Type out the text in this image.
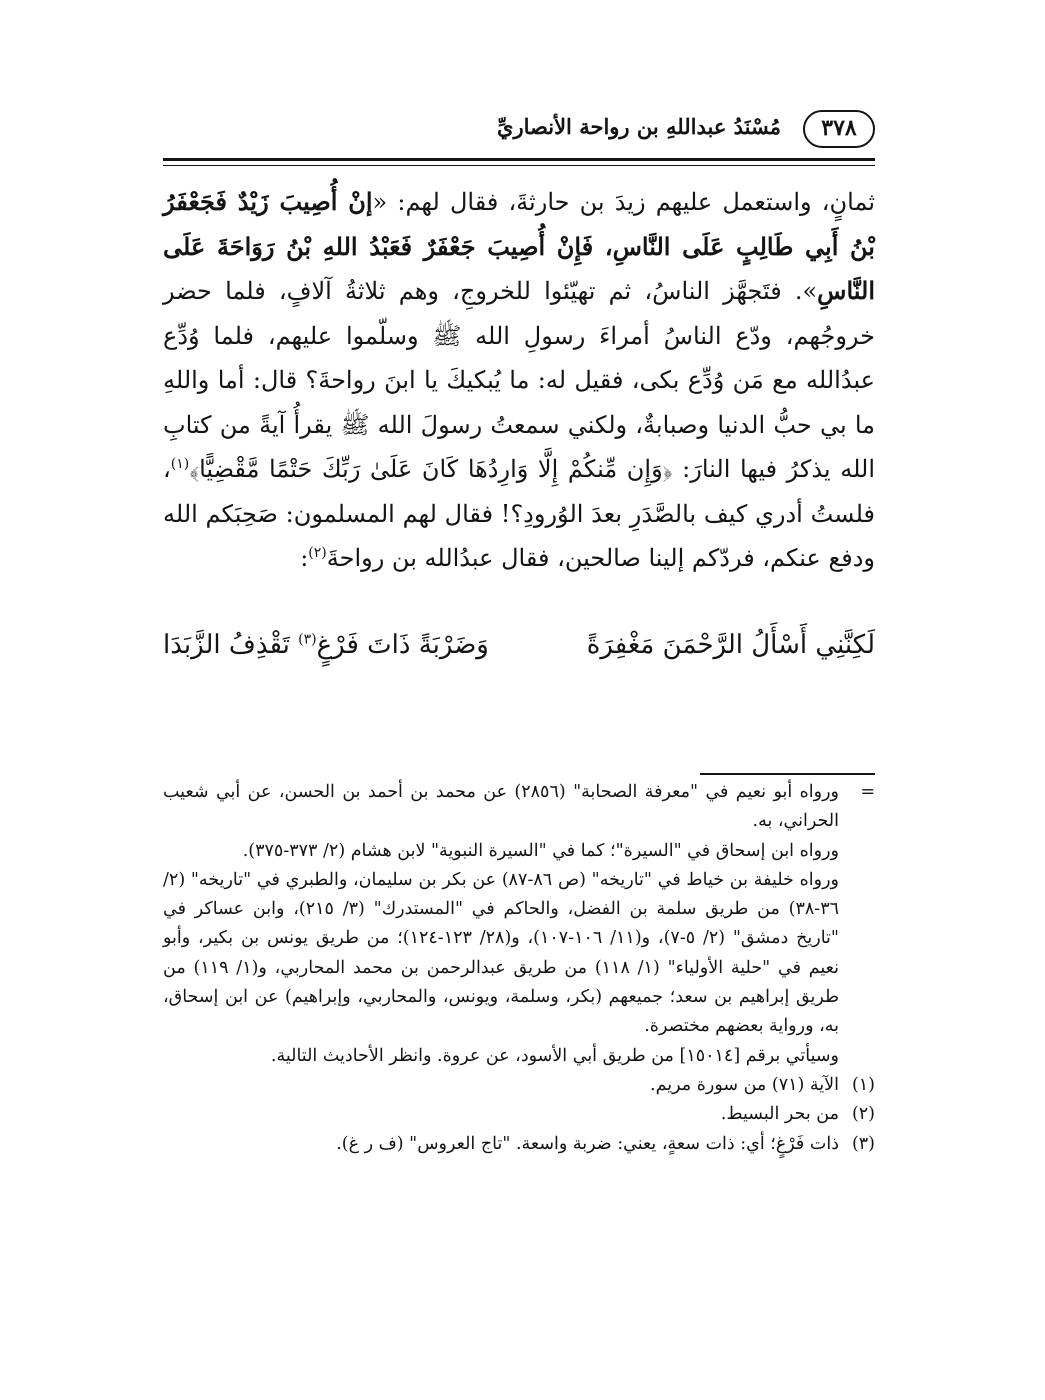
٣٧٨
مُسْنَدُ عبداللهِ بن رواحة الأنصاريِّ

ثمانٍ، واستعمل عليهم زيدَ بن حارثةَ، فقال لهم: «إنْ أُصِيبَ زَيْدٌ فَجَعْفَرُ بْنُ أَبِي طَالِبٍ عَلَى النَّاسِ، فَإِنْ أُصِيبَ جَعْفَرٌ فَعَبْدُ اللهِ بْنُ رَوَاحَةَ عَلَى النَّاسِ». فتَجهَّز الناسُ، ثم تهيّئوا للخروجِ، وهم ثلاثةُ آلافٍ، فلما حضر خروجُهم، ودّع الناسُ أمراءَ رسولِ الله ﷺ وسلّموا عليهم، فلما وُدِّع عبدُالله مع مَن وُدِّع بكى، فقيل له: ما يُبكيكَ يا ابنَ رواحةَ؟ قال: أما واللهِ ما بي حبُّ الدنيا وصبابةٌ، ولكني سمعتُ رسولَ الله ﷺ يقرأُ آيةً من كتابِ الله يذكرُ فيها النارَ: ﴿وَإِن مِّنكُمْ إِلَّا وَارِدُهَا كَانَ عَلَىٰ رَبِّكَ حَتْمًا مَّقْضِيًّا﴾$^{(١)}$، فلستُ أدري كيف بالصَّدَرِ بعدَ الوُرودِ؟! فقال لهم المسلمون: صَحِبَكم الله ودفع عنكم، فردّكم إلينا صالحين، فقال عبدُالله بن رواحةَ$^{(٢)}$:

لَكِنَّنِي أَسْأَلُ الرَّحْمَنَ مَغْفِرَةً
وَضَرْبَةً ذَاتَ فَرْغٍ$^{(٣)}$ تَقْذِفُ الزَّبَدَا

=
ورواه أبو نعيم في "معرفة الصحابة" (٢٨٥٦) عن محمد بن أحمد بن الحسن، عن أبي شعيب الحراني، به.

ورواه ابن إسحاق في "السيرة"؛ كما في "السيرة النبوية" لابن هشام (٢/ ٣٧٣-٣٧٥).

ورواه خليفة بن خياط في "تاريخه" (ص ٨٦-٨٧) عن بكر بن سليمان، والطبري في "تاريخه" (٢/ ٣٦-٣٨) من طريق سلمة بن الفضل، والحاكم في "المستدرك" (٣/ ٢١٥)، وابن عساكر في "تاريخ دمشق" (٢/ ٥-٧)، و(١١/ ١٠٦-١٠٧)، و(٢٨/ ١٢٣-١٢٤)؛ من طريق يونس بن بكير، وأبو نعيم في "حلية الأولياء" (١/ ١١٨) من طريق عبدالرحمن بن محمد المحاربي، و(١/ ١١٩) من طريق إبراهيم بن سعد؛ جميعهم (بكر، وسلمة، ويونس، والمحاربي، وإبراهيم) عن ابن إسحاق، به، ورواية بعضهم مختصرة.

وسيأتي برقم [١٥٠١٤] من طريق أبي الأسود، عن عروة. وانظر الأحاديث التالية.

(١)
الآية (٧١) من سورة مريم.

(٢)
من بحر البسيط.

(٣)
ذات فَرْغٍ؛ أي: ذات سعةٍ، يعني: ضربة واسعة. "تاج العروس" (ف ر غ).
